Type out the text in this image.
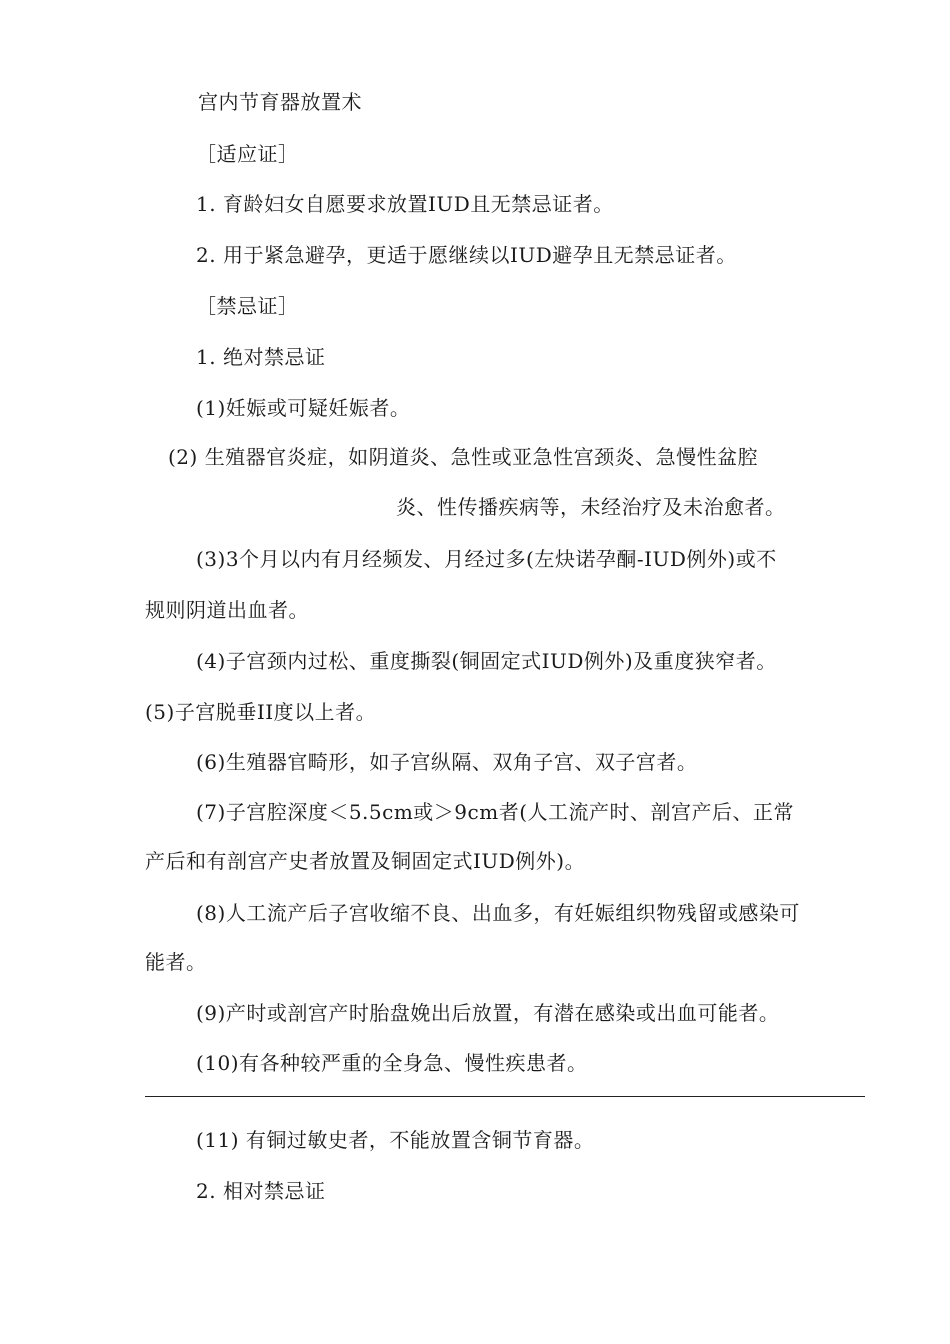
宫内节育器放置术
［适应证］
1. 育龄妇女自愿要求放置IUD且无禁忌证者。
2. 用于紧急避孕，更适于愿继续以IUD避孕且无禁忌证者。
［禁忌证］
1. 绝对禁忌证
(1)妊娠或可疑妊娠者。
(2) 生殖器官炎症，如阴道炎、急性或亚急性宫颈炎、急慢性盆腔
炎、性传播疾病等，未经治疗及未治愈者。
(3)3个月以内有月经频发、月经过多(左炔诺孕酮-IUD例外)或不
规则阴道出血者。
(4)子宫颈内过松、重度撕裂(铜固定式IUD例外)及重度狭窄者。
(5)子宫脱垂II度以上者。
(6)生殖器官畸形，如子宫纵隔、双角子宫、双子宫者。
(7)子宫腔深度＜5.5cm或＞9cm者(人工流产时、剖宫产后、正常
产后和有剖宫产史者放置及铜固定式IUD例外)。
(8)人工流产后子宫收缩不良、出血多，有妊娠组织物残留或感染可
能者。
(9)产时或剖宫产时胎盘娩出后放置，有潜在感染或出血可能者。
(10)有各种较严重的全身急、慢性疾患者。
(11) 有铜过敏史者，不能放置含铜节育器。
2. 相对禁忌证
